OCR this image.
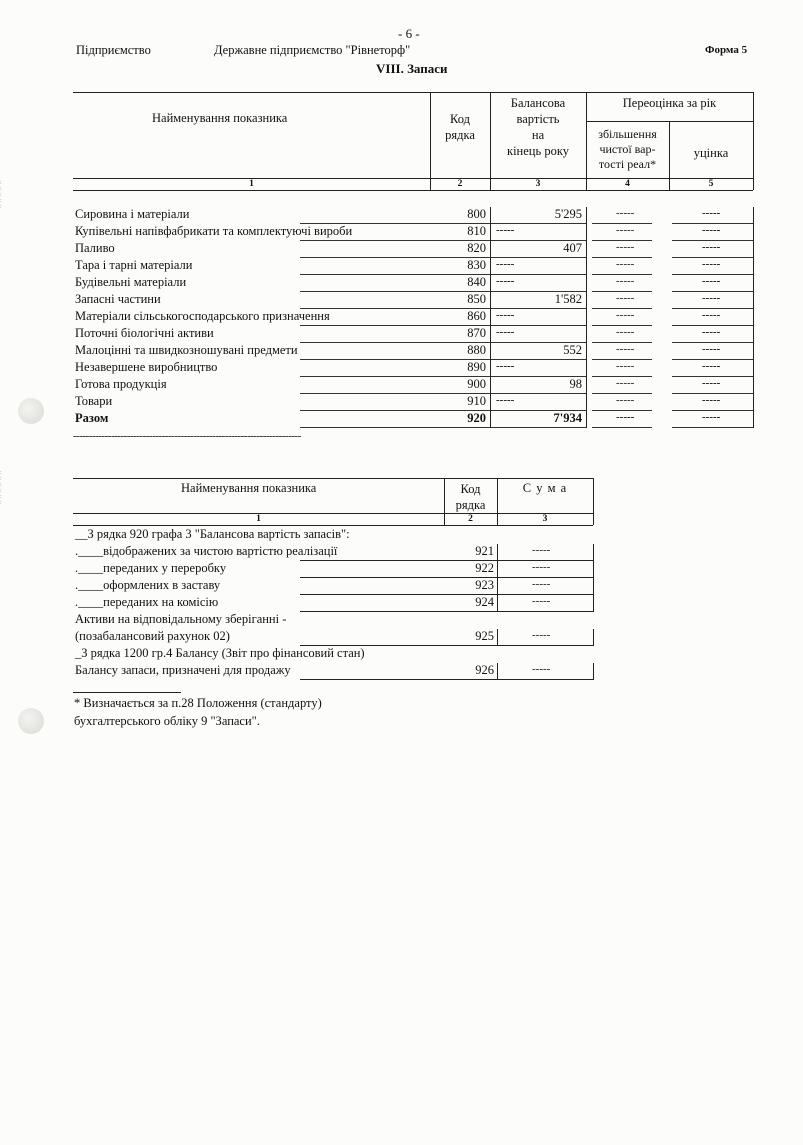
:
:
:
:
:
:
:
:
:
:
:
- 6 -
Підприємство	Державне підприємство "Рівнеторф"	Форма 5
VIII. Запаси
Найменування показника	Код
рядка
Балансова
вартість
на
кінець року
Переоцінка за рік
збільшення
чистої вар-
тості реал*
уцінка
1	2	3	4	5
Сировина і матеріали	800	5'295	-----	-----
Купівельні напівфабрикати та комплектуючі вироби	810 -----	-----	-----
Паливо	820	407	-----	-----
Тара і тарні матеріали	830 -----	-----	-----
Будівельні матеріали	840 -----	-----	-----
Запасні частини	850	1'582	-----	-----
Матеріали сільськогосподарського призначення	860 -----	-----	-----
Поточні біологічні активи	870 -----	-----	-----
Малоцінні та швидкозношувані предмети	880	552	-----	-----
Незавершене виробництво	890 -----	-----	-----
Готова продукція	900	98	-----	-----
Товари	910 -----	-----	-----
Разом	920	7'934	-----	-----
------------------------------------------------------------------------
Найменування показника	Код
рядка
С у м а
1	2	3
__З рядка 920 графа 3 "Балансова вартість запасів":
.____відображених за чистою вартістю реалізації	921	-----
.____переданих у переробку	922	-----
.____оформлених в заставу	923	-----
.____переданих на комісію	924	-----
Активи на відповідальному зберіганні -
(позабалансовий рахунок 02)	925	-----
_З рядка 1200 гр.4 Балансу (Звіт про фінансовий стан)
Балансу запаси, призначені для продажу	926	-----
* Визначається за п.28 Положення (стандарту)
бухгалтерського обліку 9 "Запаси".
